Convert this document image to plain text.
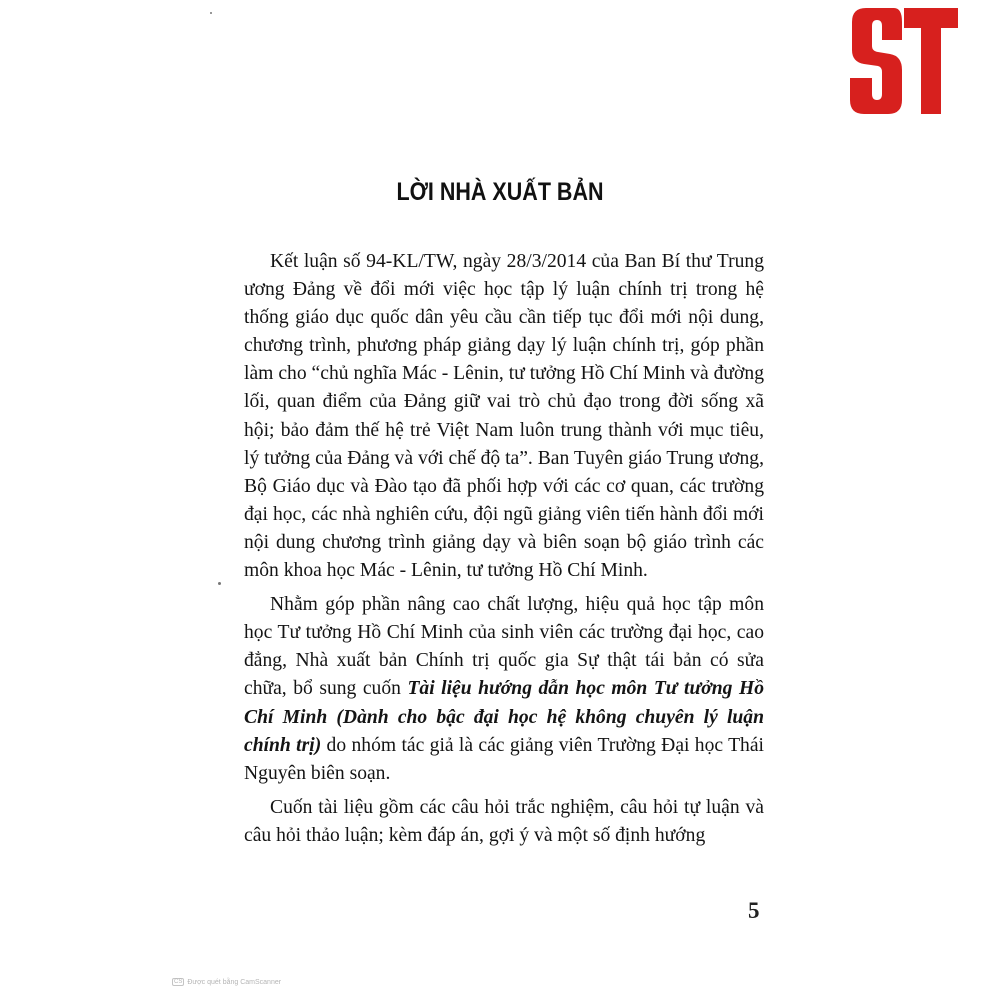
LỜI NHÀ XUẤT BẢN

Kết luận số 94-KL/TW, ngày 28/3/2014 của Ban Bí thư Trung ương Đảng về đổi mới việc học tập lý luận chính trị trong hệ thống giáo dục quốc dân yêu cầu cần tiếp tục đổi mới nội dung, chương trình, phương pháp giảng dạy lý luận chính trị, góp phần làm cho “chủ nghĩa Mác - Lênin, tư tưởng Hồ Chí Minh và đường lối, quan điểm của Đảng giữ vai trò chủ đạo trong đời sống xã hội; bảo đảm thế hệ trẻ Việt Nam luôn trung thành với mục tiêu, lý tưởng của Đảng và với chế độ ta”. Ban Tuyên giáo Trung ương, Bộ Giáo dục và Đào tạo đã phối hợp với các cơ quan, các trường đại học, các nhà nghiên cứu, đội ngũ giảng viên tiến hành đổi mới nội dung chương trình giảng dạy và biên soạn bộ giáo trình các môn khoa học Mác - Lênin, tư tưởng Hồ Chí Minh.

Nhằm góp phần nâng cao chất lượng, hiệu quả học tập môn học Tư tưởng Hồ Chí Minh của sinh viên các trường đại học, cao đẳng, Nhà xuất bản Chính trị quốc gia Sự thật tái bản có sửa chữa, bổ sung cuốn Tài liệu hướng dẫn học môn Tư tưởng Hồ Chí Minh (Dành cho bậc đại học hệ không chuyên lý luận chính trị) do nhóm tác giả là các giảng viên Trường Đại học Thái Nguyên biên soạn.

Cuốn tài liệu gồm các câu hỏi trắc nghiệm, câu hỏi tự luận và câu hỏi thảo luận; kèm đáp án, gợi ý và một số định hướng

5
CS Được quét bằng CamScanner
